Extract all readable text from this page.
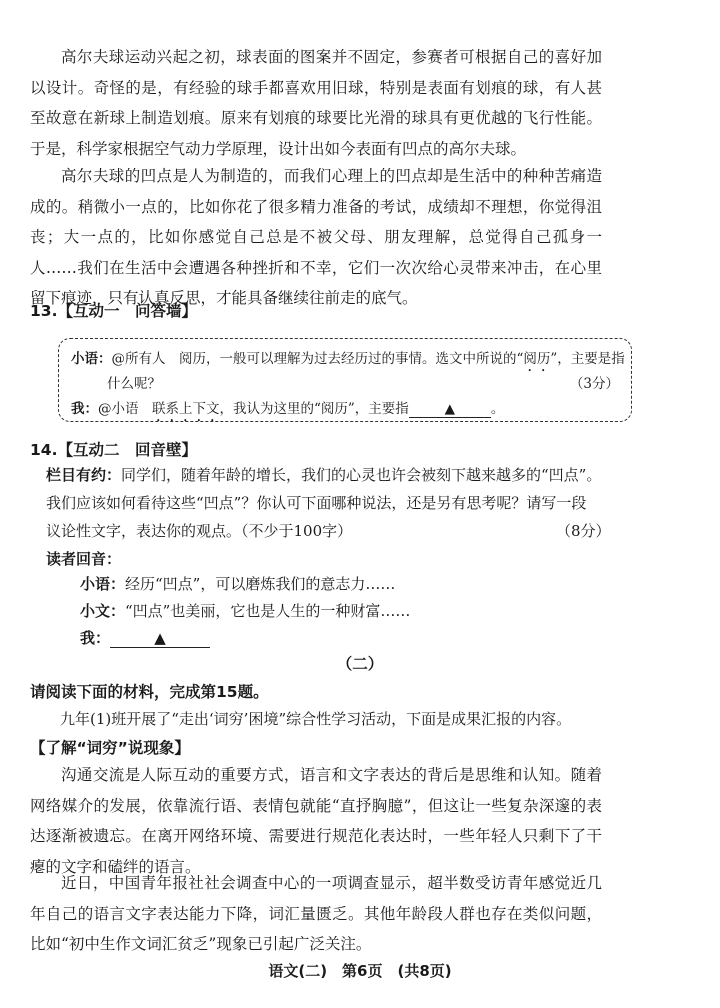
高尔夫球运动兴起之初，球表面的图案并不固定，参赛者可根据自己的喜好加以设计。奇怪的是，有经验的球手都喜欢用旧球，特别是表面有划痕的球，有人甚至故意在新球上制造划痕。原来有划痕的球要比光滑的球具有更优越的飞行性能。于是，科学家根据空气动力学原理，设计出如今表面有凹点的高尔夫球。

高尔夫球的凹点是人为制造的，而我们心理上的凹点却是生活中的种种苦痛造成的。稍微小一点的，比如你花了很多精力准备的考试，成绩却不理想，你觉得沮丧；大一点的，比如你感觉自己总是不被父母、朋友理解，总觉得自己孤身一人……我们在生活中会遭遇各种挫折和不幸，它们一次次给心灵带来冲击，在心里留下痕迹，只有认真反思，才能具备继续往前走的底气。

13.【互动一　问答墙】
小语：@所有人　阅历，一般可以理解为过去经历过的事情。选文中所说的“阅历”，主要是指
什么呢？	（3分）
我：@小语　联系上下文，我认为这里的“阅历”，主要指	▲	。
14.【互动二　回音壁】
栏目有约：同学们，随着年龄的增长，我们的心灵也许会被刻下越来越多的“凹点”。
我们应该如何看待这些“凹点”？你认可下面哪种说法，还是另有思考呢？请写一段
议论性文字，表达你的观点。（不少于100字）	（8分）
读者回音：
小语：经历“凹点”，可以磨炼我们的意志力……
小文：“凹点”也美丽，它也是人生的一种财富……
我：	▲
（二）
请阅读下面的材料，完成第15题。
九年(1)班开展了“走出‘词穷’困境”综合性学习活动，下面是成果汇报的内容。
【了解“词穷”说现象】

沟通交流是人际互动的重要方式，语言和文字表达的背后是思维和认知。随着网络媒介的发展，依靠流行语、表情包就能“直抒胸臆”，但这让一些复杂深邃的表达逐渐被遗忘。在离开网络环境、需要进行规范化表达时，一些年轻人只剩下了干瘪的文字和磕绊的语言。

近日，中国青年报社社会调查中心的一项调查显示，超半数受访青年感觉近几年自己的语言文字表达能力下降，词汇量匮乏。其他年龄段人群也存在类似问题，比如“初中生作文词汇贫乏”现象已引起广泛关注。

语文(二)　第6页　(共8页)
